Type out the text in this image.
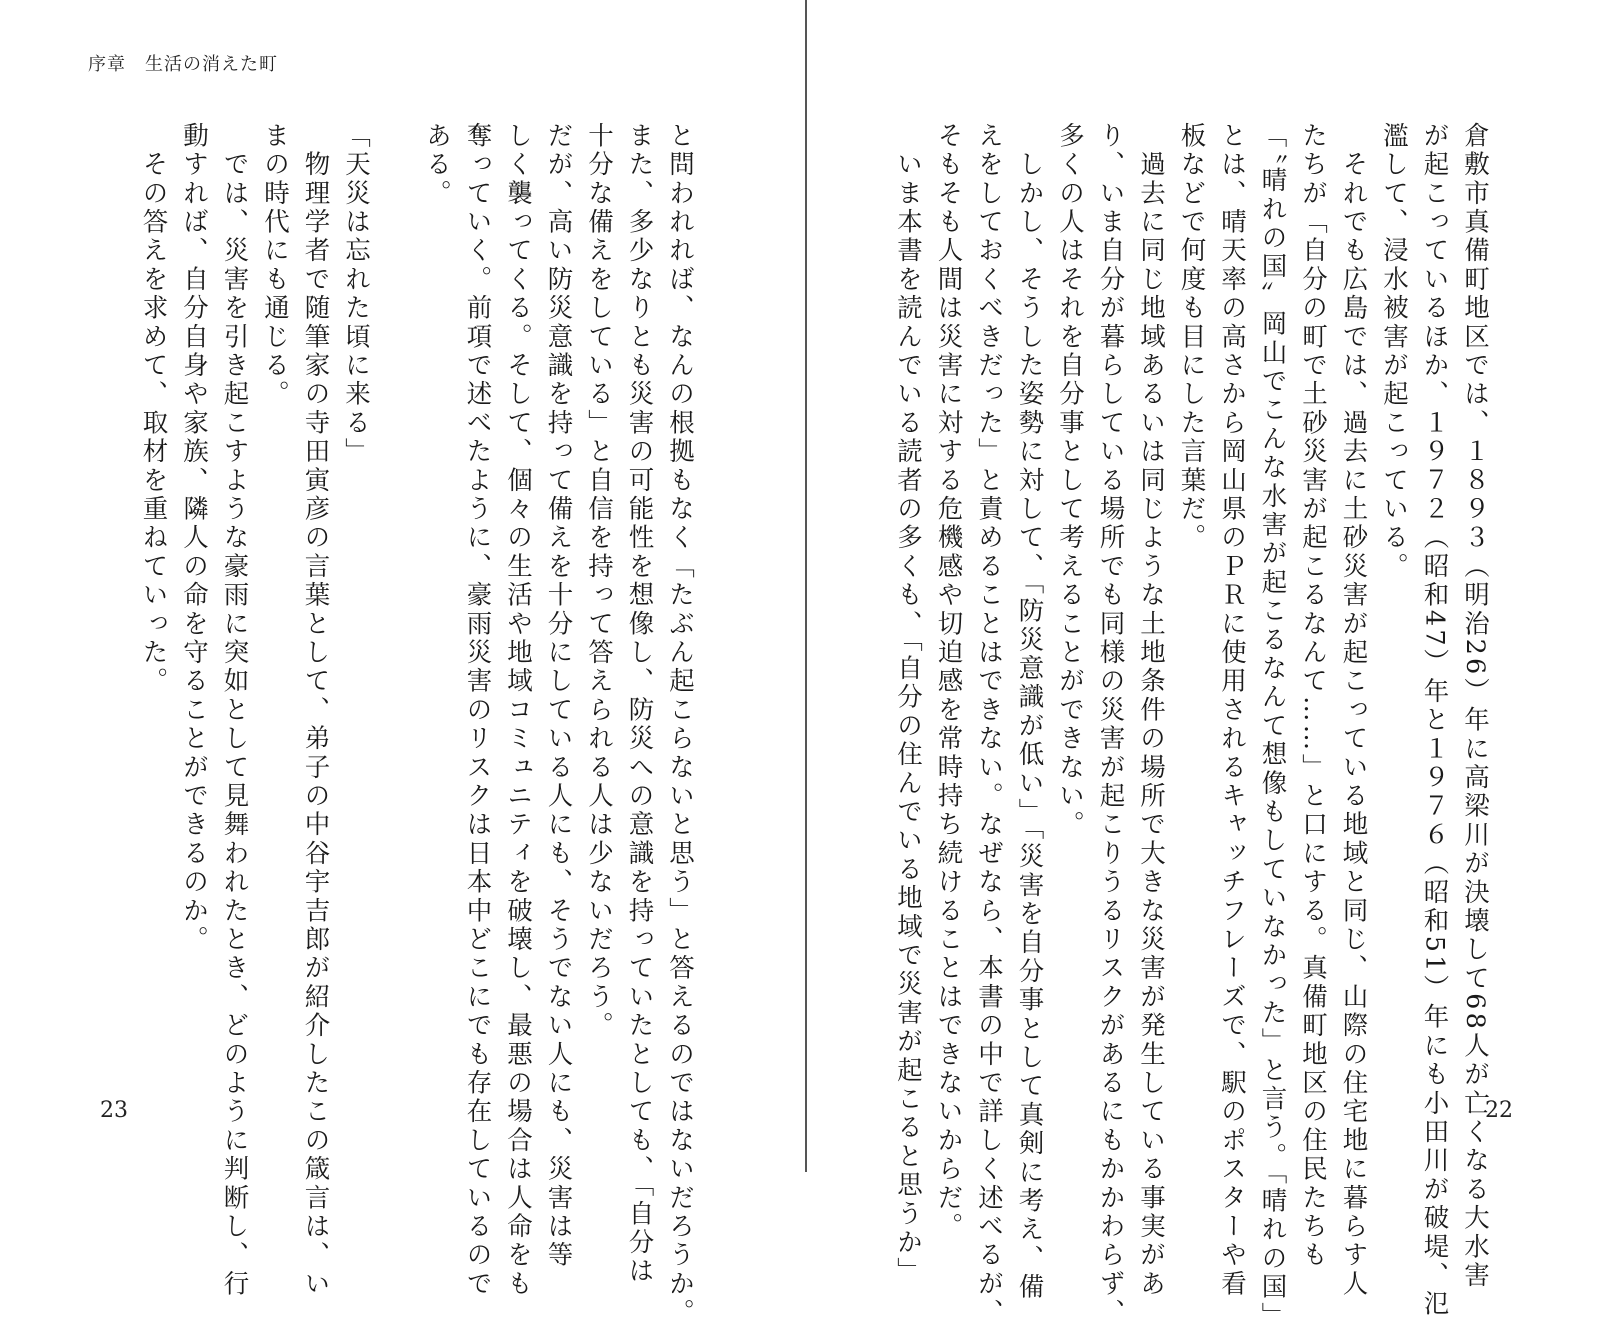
序章　生活の消えた町
倉敷市真備町地区では、１８９３（明治26）年に高梁川が決壊して68人が亡くなる大水害
が起こっているほか、１９７２（昭和47）年と１９７６（昭和51）年にも小田川が破堤、氾
濫して、浸水被害が起こっている。
　それでも広島では、過去に土砂災害が起こっている地域と同じ、山際の住宅地に暮らす人
たちが「自分の町で土砂災害が起こるなんて……」と口にする。真備町地区の住民たちも
「〝晴れの国〟岡山でこんな水害が起こるなんて想像もしていなかった」と言う。「晴れの国」
とは、晴天率の高さから岡山県のＰＲに使用されるキャッチフレーズで、駅のポスターや看
板などで何度も目にした言葉だ。
　過去に同じ地域あるいは同じような土地条件の場所で大きな災害が発生している事実があ
り、いま自分が暮らしている場所でも同様の災害が起こりうるリスクがあるにもかかわらず、
多くの人はそれを自分事として考えることができない。
　しかし、そうした姿勢に対して、「防災意識が低い」「災害を自分事として真剣に考え、備
えをしておくべきだった」と責めることはできない。なぜなら、本書の中で詳しく述べるが、
そもそも人間は災害に対する危機感や切迫感を常時持ち続けることはできないからだ。
　いま本書を読んでいる読者の多くも、「自分の住んでいる地域で災害が起こると思うか」
と問われれば、なんの根拠もなく「たぶん起こらないと思う」と答えるのではないだろうか。
また、多少なりとも災害の可能性を想像し、防災への意識を持っていたとしても、「自分は
十分な備えをしている」と自信を持って答えられる人は少ないだろう。
だが、高い防災意識を持って備えを十分にしている人にも、そうでない人にも、災害は等
しく襲ってくる。そして、個々の生活や地域コミュニティを破壊し、最悪の場合は人命をも
奪っていく。前項で述べたように、豪雨災害のリスクは日本中どこにでも存在しているので
ある。
「天災は忘れた頃に来る」
　物理学者で随筆家の寺田寅彦の言葉として、弟子の中谷宇吉郎が紹介したこの箴言は、い
まの時代にも通じる。
　では、災害を引き起こすような豪雨に突如として見舞われたとき、どのように判断し、行
動すれば、自分自身や家族、隣人の命を守ることができるのか。
　その答えを求めて、取材を重ねていった。
23	22
